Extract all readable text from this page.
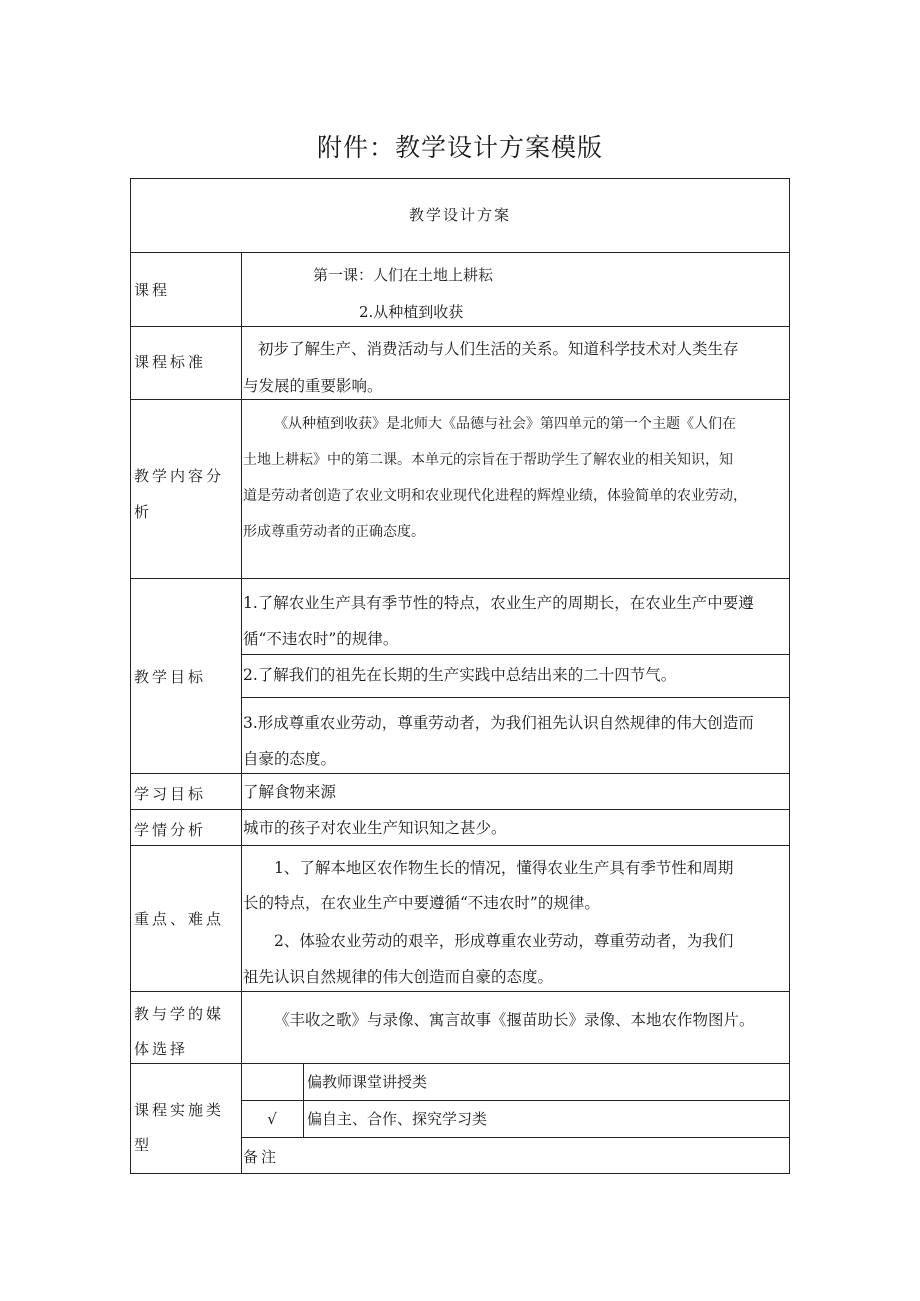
附件：教学设计方案模版
教学设计方案
课程
第一课：人们在土地上耕耘
2.从种植到收获
课程标准
初步了解生产、消费活动与人们生活的关系。知道科学技术对人类生存
与发展的重要影响。
教学内容分
析
《从种植到收获》是北师大《品德与社会》第四单元的第一个主题《人们在
土地上耕耘》中的第二课。本单元的宗旨在于帮助学生了解农业的相关知识，知
道是劳动者创造了农业文明和农业现代化进程的辉煌业绩，体验简单的农业劳动，
形成尊重劳动者的正确态度。
教学目标
1.了解农业生产具有季节性的特点，农业生产的周期长，在农业生产中要遵
循“不违农时”的规律。
2.了解我们的祖先在长期的生产实践中总结出来的二十四节气。
3.形成尊重农业劳动，尊重劳动者，为我们祖先认识自然规律的伟大创造而
自豪的态度。
学习目标 了解食物来源
学情分析 城市的孩子对农业生产知识知之甚少。
重点、难点
1、了解本地区农作物生长的情况，懂得农业生产具有季节性和周期
长的特点，在农业生产中要遵循“不违农时”的规律。
2、体验农业劳动的艰辛，形成尊重农业劳动，尊重劳动者，为我们
祖先认识自然规律的伟大创造而自豪的态度。
教与学的媒
体选择
《丰收之歌》与录像、寓言故事《揠苗助长》录像、本地农作物图片。
课程实施类
型
偏教师课堂讲授类
√	偏自主、合作、探究学习类
备注
